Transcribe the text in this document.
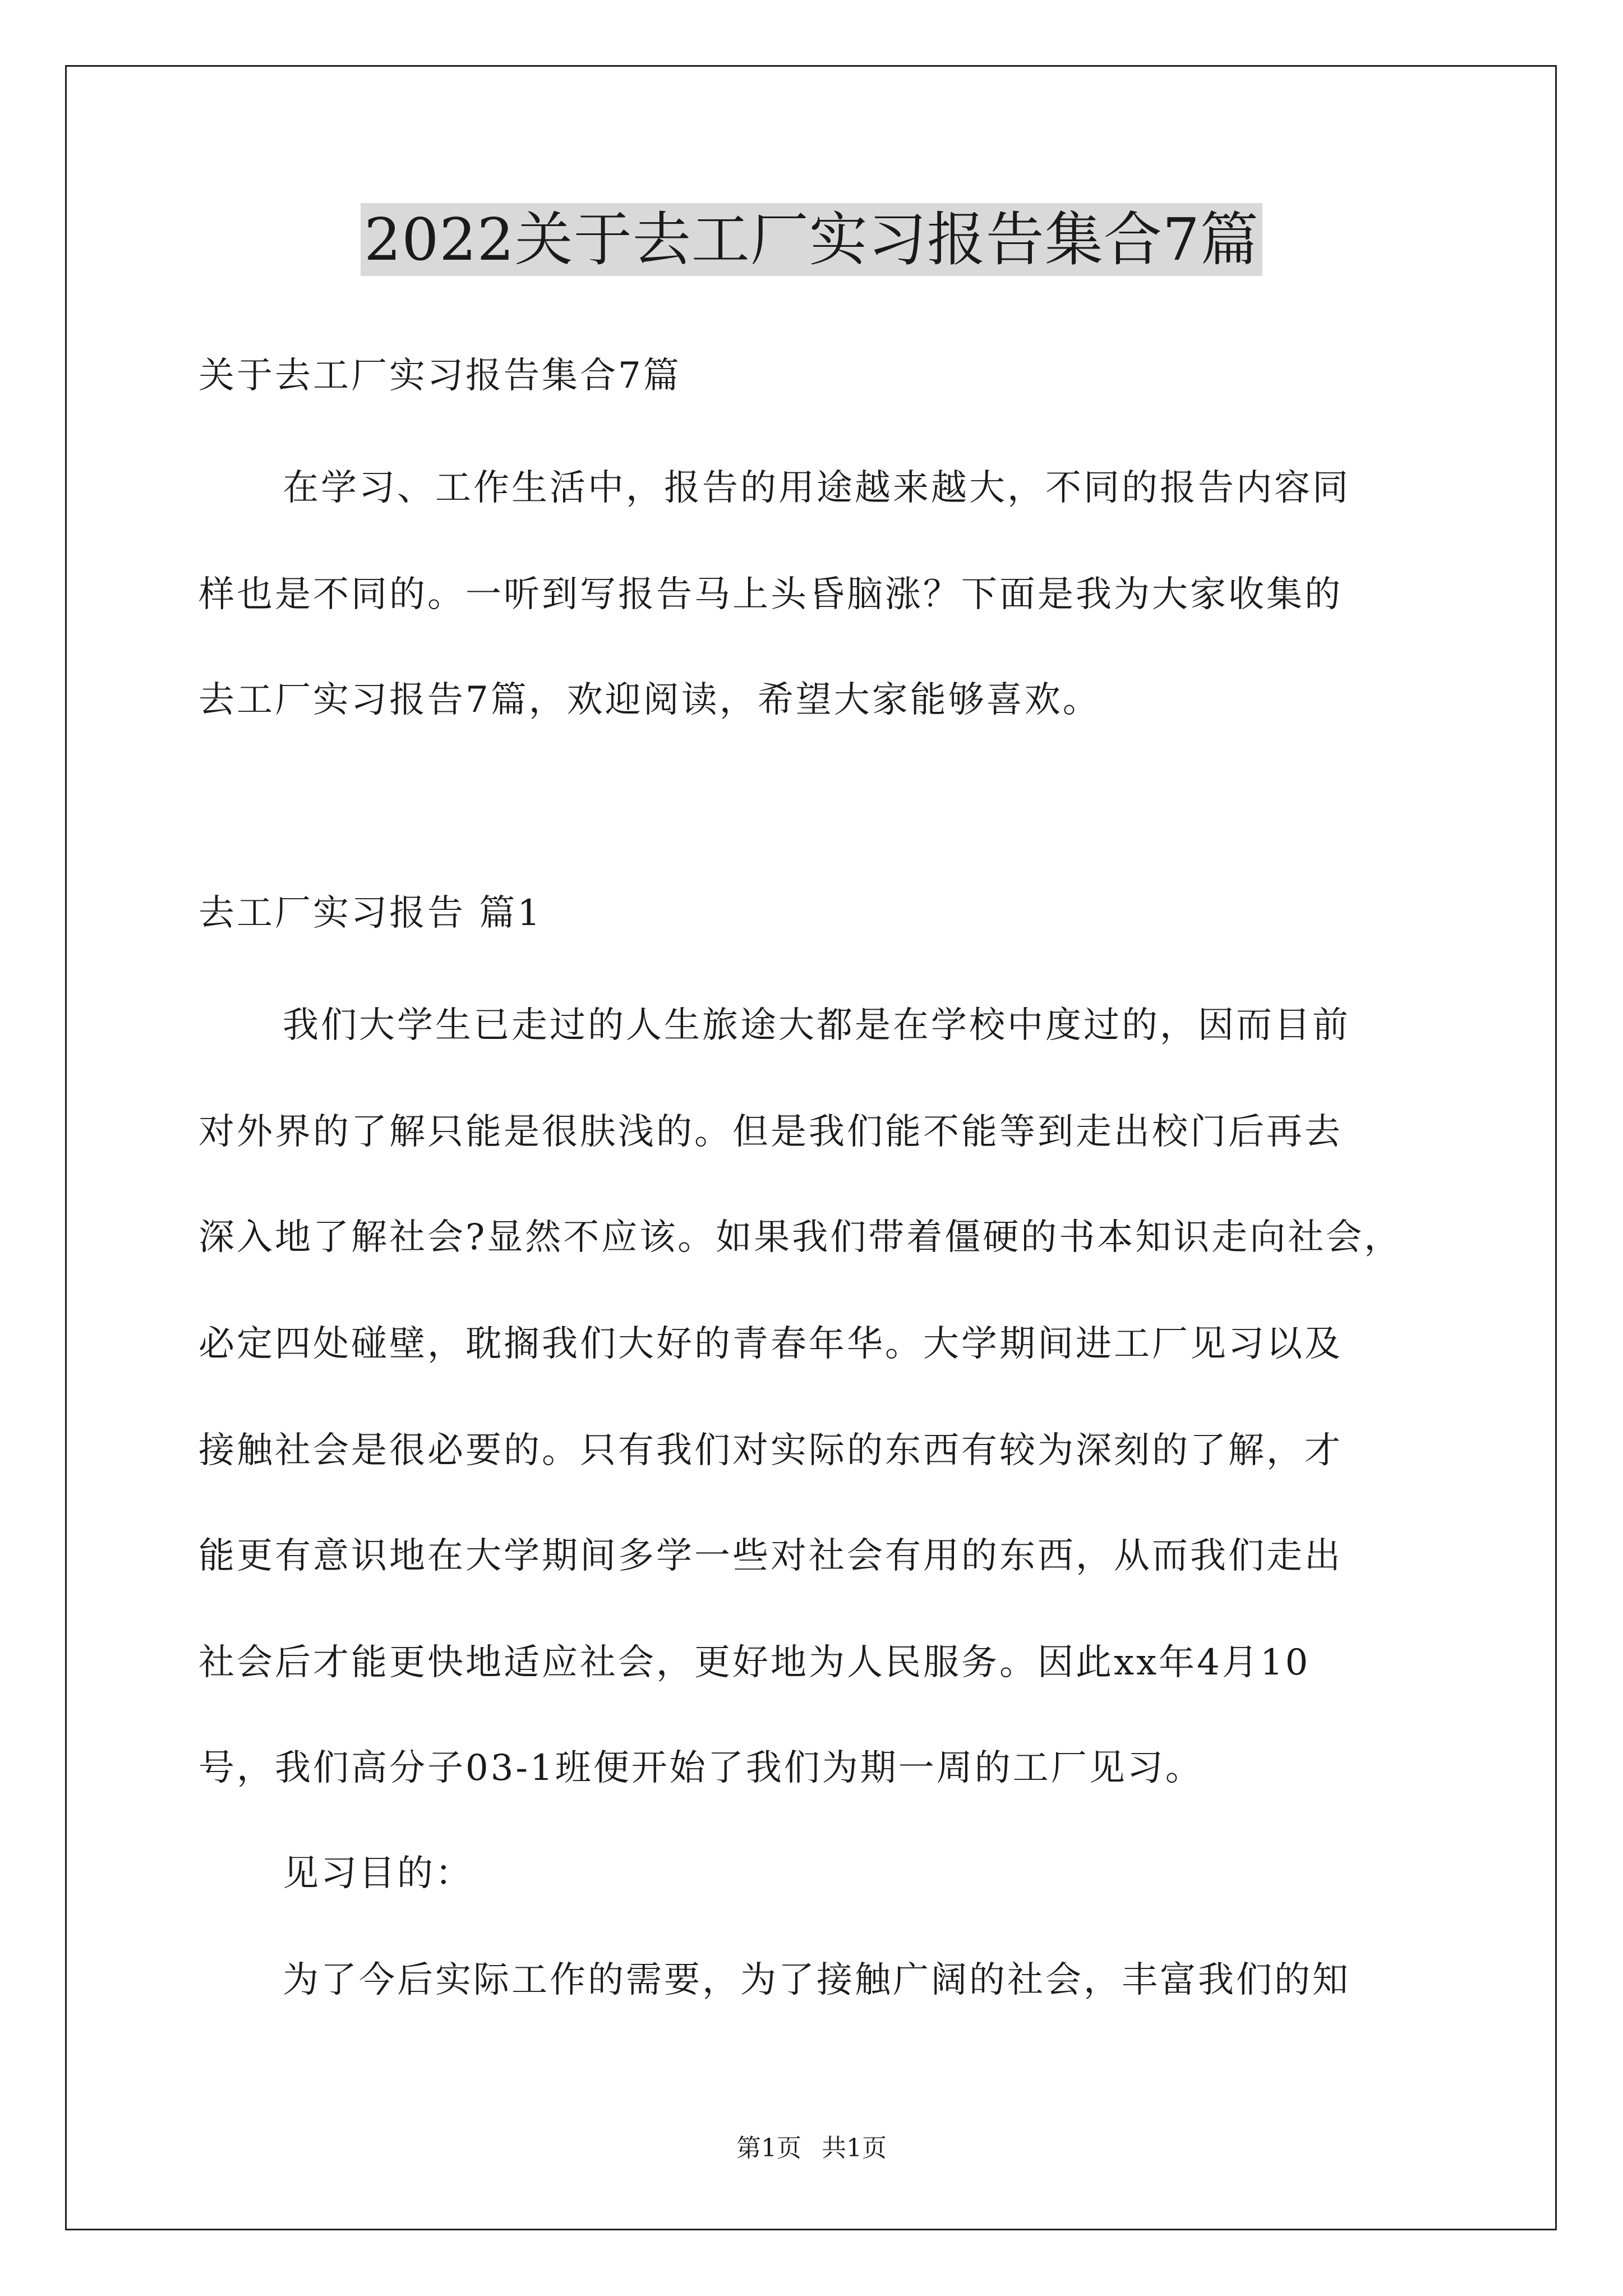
2022关于去工厂实习报告集合7篇
关于去工厂实习报告集合7篇
在学习、工作生活中，报告的用途越来越大，不同的报告内容同
样也是不同的。一听到写报告马上头昏脑涨？下面是我为大家收集的
去工厂实习报告7篇，欢迎阅读，希望大家能够喜欢。
去工厂实习报告 篇1
我们大学生已走过的人生旅途大都是在学校中度过的，因而目前
对外界的了解只能是很肤浅的。但是我们能不能等到走出校门后再去
深入地了解社会?显然不应该。如果我们带着僵硬的书本知识走向社会，
必定四处碰壁，耽搁我们大好的青春年华。大学期间进工厂见习以及
接触社会是很必要的。只有我们对实际的东西有较为深刻的了解，才
能更有意识地在大学期间多学一些对社会有用的东西，从而我们走出
社会后才能更快地适应社会，更好地为人民服务。因此xx年4月10
号，我们高分子03-1班便开始了我们为期一周的工厂见习。
见习目的：
为了今后实际工作的需要，为了接触广阔的社会，丰富我们的知
第1页 共1页
